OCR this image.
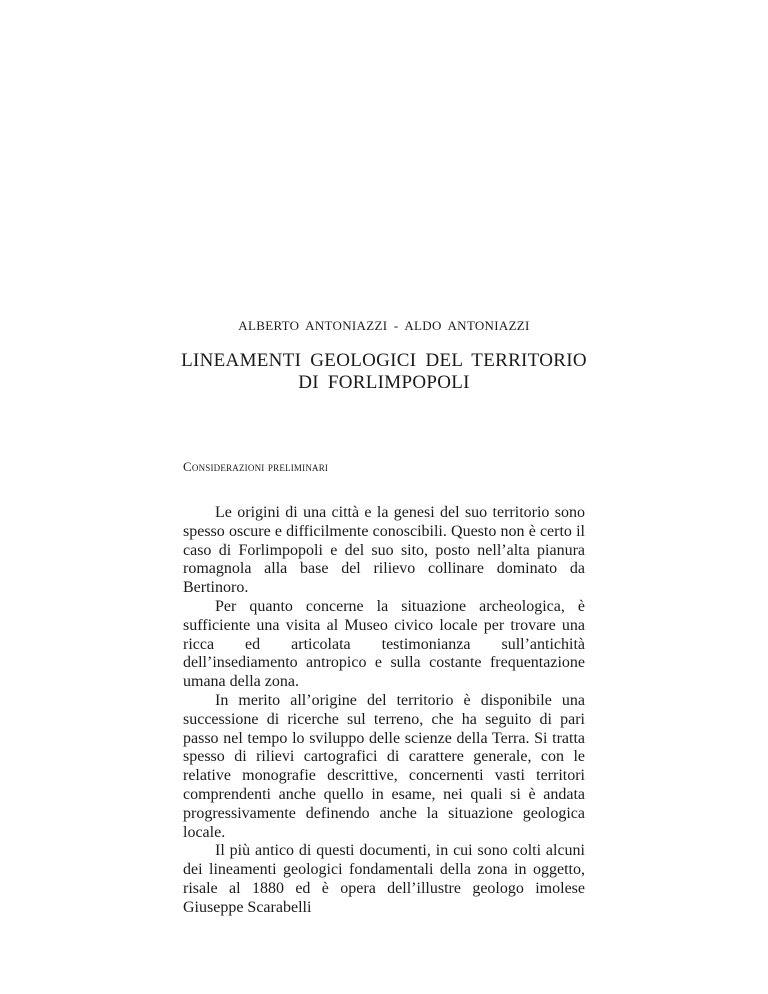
ALBERTO ANTONIAZZI - ALDO ANTONIAZZI
LINEAMENTI GEOLOGICI DEL TERRITORIO
DI FORLIMPOPOLI
Considerazioni preliminari

Le origini di una città e la genesi del suo territorio sono spesso oscure e difficilmente conoscibili. Questo non è certo il caso di Forlimpopoli e del suo sito, posto nell’alta pianura romagnola alla base del rilievo collinare dominato da Bertinoro.

Per quanto concerne la situazione archeologica, è sufficiente una visita al Museo civico locale per trovare una ricca ed articolata testimonianza sull’antichità dell’insediamento antropico e sulla costante frequentazione umana della zona.

In merito all’origine del territorio è disponibile una successione di ricerche sul terreno, che ha seguito di pari passo nel tempo lo sviluppo delle scienze della Terra. Si tratta spesso di rilievi cartografici di carattere generale, con le relative monografie descrittive, concernenti vasti territori comprendenti anche quello in esame, nei quali si è andata progressivamente definendo anche la situazione geologica locale.

Il più antico di questi documenti, in cui sono colti alcuni dei lineamenti geologici fondamentali della zona in oggetto, risale al 1880 ed è opera dell’illustre geologo imolese Giuseppe Scarabelli
